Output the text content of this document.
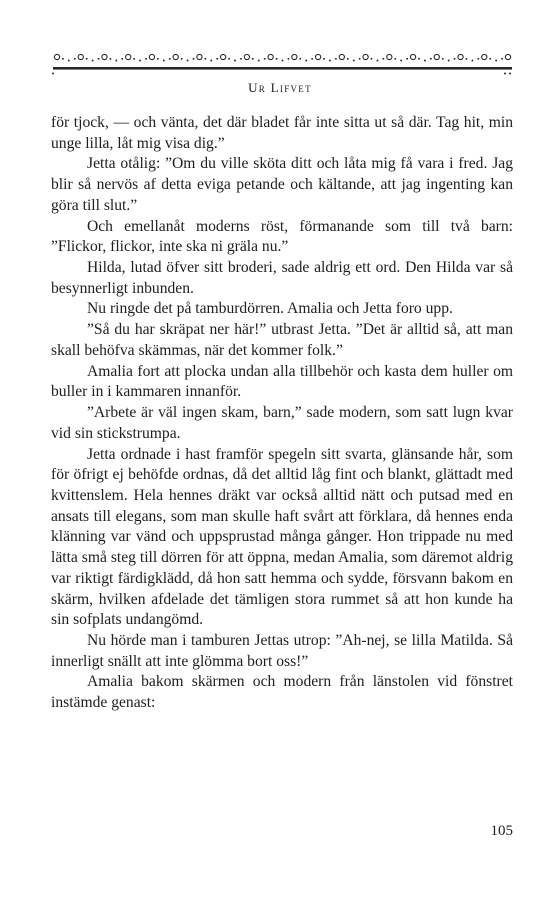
Ur Lifvet

för tjock, — och vänta, det där bladet får inte sitta ut så där. Tag hit, min unge lilla, låt mig visa dig.”

Jetta otålig: ”Om du ville sköta ditt och låta mig få vara i fred. Jag blir så nervös af detta eviga petande och kältande, att jag ingenting kan göra till slut.”

Och emellanåt moderns röst, förmanande som till två barn: ”Flickor, flickor, inte ska ni gräla nu.”

Hilda, lutad öfver sitt broderi, sade aldrig ett ord. Den Hilda var så besynnerligt inbunden.

Nu ringde det på tamburdörren. Amalia och Jetta foro upp.

”Så du har skräpat ner här!” utbrast Jetta. ”Det är alltid så, att man skall behöfva skämmas, när det kommer folk.”

Amalia fort att plocka undan alla tillbehör och kasta dem huller om buller in i kammaren innanför.

”Arbete är väl ingen skam, barn,” sade modern, som satt lugn kvar vid sin stickstrumpa.

Jetta ordnade i hast framför spegeln sitt svarta, glänsande hår, som för öfrigt ej behöfde ordnas, då det alltid låg fint och blankt, glättadt med kvittenslem. Hela hennes dräkt var också alltid nätt och putsad med en ansats till elegans, som man skulle haft svårt att förklara, då hennes enda klänning var vänd och uppsprustad många gånger. Hon trippade nu med lätta små steg till dörren för att öppna, medan Amalia, som däremot aldrig var riktigt färdigklädd, då hon satt hemma och sydde, försvann bakom en skärm, hvilken afdelade det tämligen stora rummet så att hon kunde ha sin sofplats undangömd.

Nu hörde man i tamburen Jettas utrop: ”Ah-nej, se lilla Matilda. Så innerligt snällt att inte glömma bort oss!”

Amalia bakom skärmen och modern från länstolen vid fönstret instämde genast:

105
